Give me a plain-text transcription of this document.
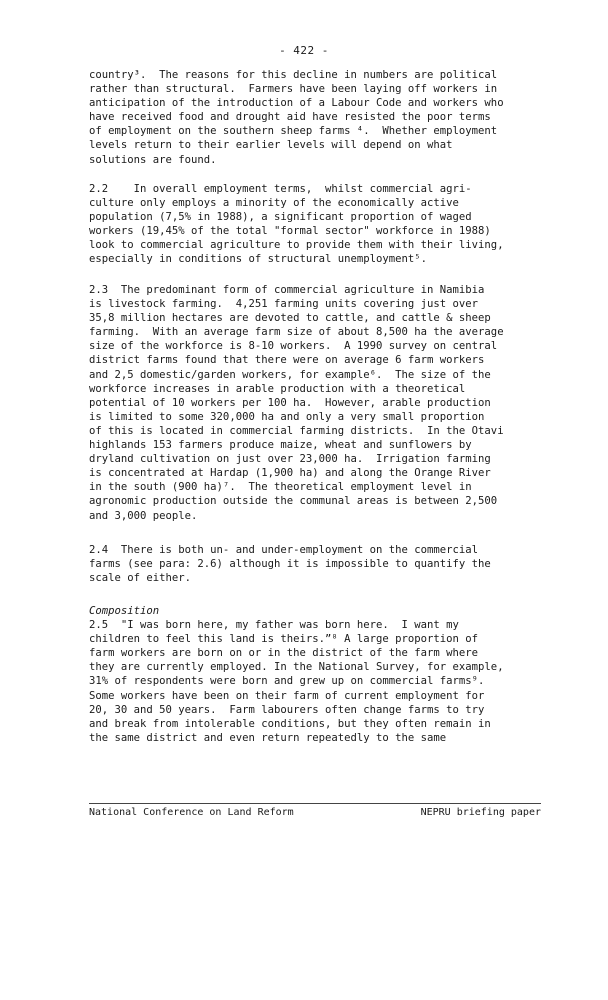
- 422 -
country³.  The reasons for this decline in numbers are political
rather than structural.  Farmers have been laying off workers in
anticipation of the introduction of a Labour Code and workers who
have received food and drought aid have resisted the poor terms
of employment on the southern sheep farms ⁴.  Whether employment
levels return to their earlier levels will depend on what
solutions are found.
2.2    In overall employment terms,  whilst commercial agri-
culture only employs a minority of the economically active
population (7,5% in 1988), a significant proportion of waged
workers (19,45% of the total "formal sector" workforce in 1988)
look to commercial agriculture to provide them with their living,
especially in conditions of structural unemployment⁵.
2.3  The predominant form of commercial agriculture in Namibia
is livestock farming.  4,251 farming units covering just over
35,8 million hectares are devoted to cattle, and cattle & sheep
farming.  With an average farm size of about 8,500 ha the average
size of the workforce is 8-10 workers.  A 1990 survey on central
district farms found that there were on average 6 farm workers
and 2,5 domestic/garden workers, for example⁶.  The size of the
workforce increases in arable production with a theoretical
potential of 10 workers per 100 ha.  However, arable production
is limited to some 320,000 ha and only a very small proportion
of this is located in commercial farming districts.  In the Otavi
highlands 153 farmers produce maize, wheat and sunflowers by
dryland cultivation on just over 23,000 ha.  Irrigation farming
is concentrated at Hardap (1,900 ha) and along the Orange River
in the south (900 ha)⁷.  The theoretical employment level in
agronomic production outside the communal areas is between 2,500
and 3,000 people.
2.4  There is both un- and under-employment on the commercial
farms (see para: 2.6) although it is impossible to quantify the
scale of either.
Composition
2.5  "I was born here, my father was born here.  I want my
children to feel this land is theirs.”⁸ A large proportion of
farm workers are born on or in the district of the farm where
they are currently employed. In the National Survey, for example,
31% of respondents were born and grew up on commercial farms⁹.
Some workers have been on their farm of current employment for
20, 30 and 50 years.  Farm labourers often change farms to try
and break from intolerable conditions, but they often remain in
the same district and even return repeatedly to the same
National Conference on Land Reform	NEPRU briefing paper
